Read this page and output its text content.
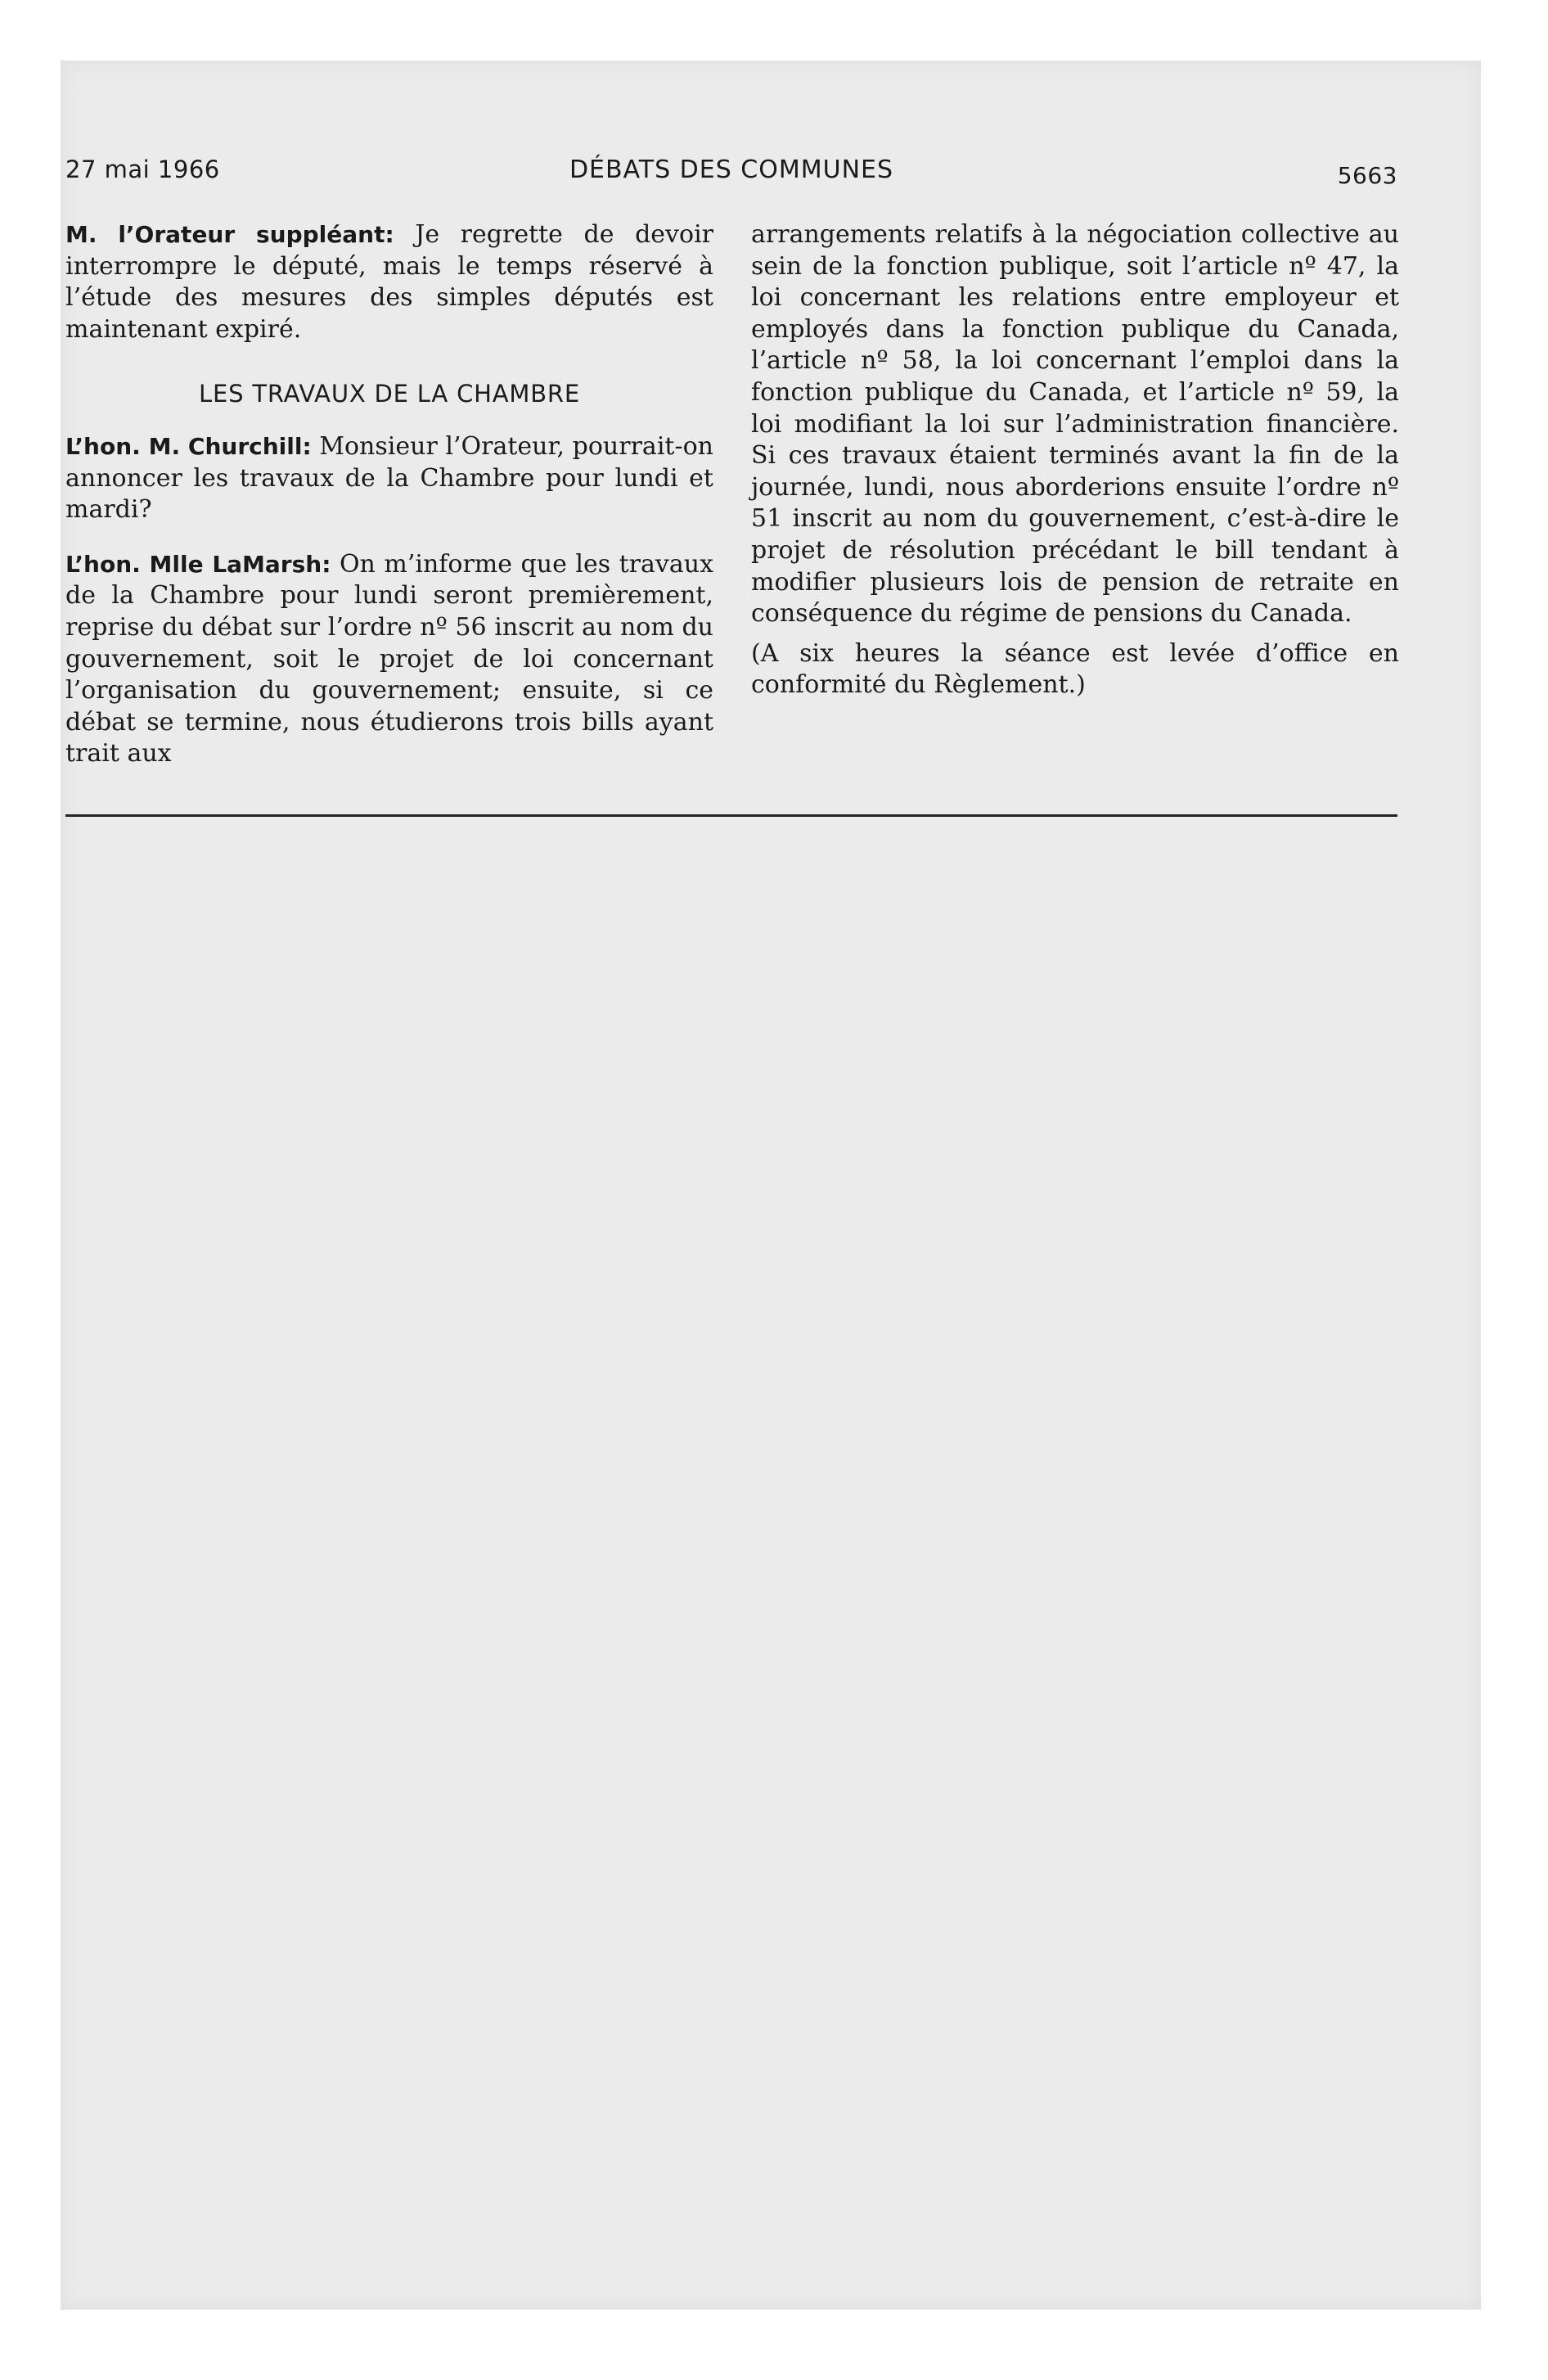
27 mai 1966	DÉBATS DES COMMUNES	5663

M. l’Orateur suppléant: Je regrette de devoir interrompre le député, mais le temps réservé à l’étude des mesures des simples députés est maintenant expiré.

LES TRAVAUX DE LA CHAMBRE

L’hon. M. Churchill: Monsieur l’Orateur, pourrait-on annoncer les travaux de la Chambre pour lundi et mardi?

L’hon. Mlle LaMarsh: On m’informe que les travaux de la Chambre pour lundi seront premièrement, reprise du débat sur l’ordre nº 56 inscrit au nom du gouvernement, soit le projet de loi concernant l’organisation du gouvernement; ensuite, si ce débat se termine, nous étudierons trois bills ayant trait aux

arrangements relatifs à la négociation collective au sein de la fonction publique, soit l’article nº 47, la loi concernant les relations entre employeur et employés dans la fonction publique du Canada, l’article nº 58, la loi concernant l’emploi dans la fonction publique du Canada, et l’article nº 59, la loi modifiant la loi sur l’administration financière. Si ces travaux étaient terminés avant la fin de la journée, lundi, nous aborderions ensuite l’ordre nº 51 inscrit au nom du gouvernement, c’est-à-dire le projet de résolution précédant le bill tendant à modifier plusieurs lois de pension de retraite en conséquence du régime de pensions du Canada.

(A six heures la séance est levée d’office en conformité du Règlement.)
